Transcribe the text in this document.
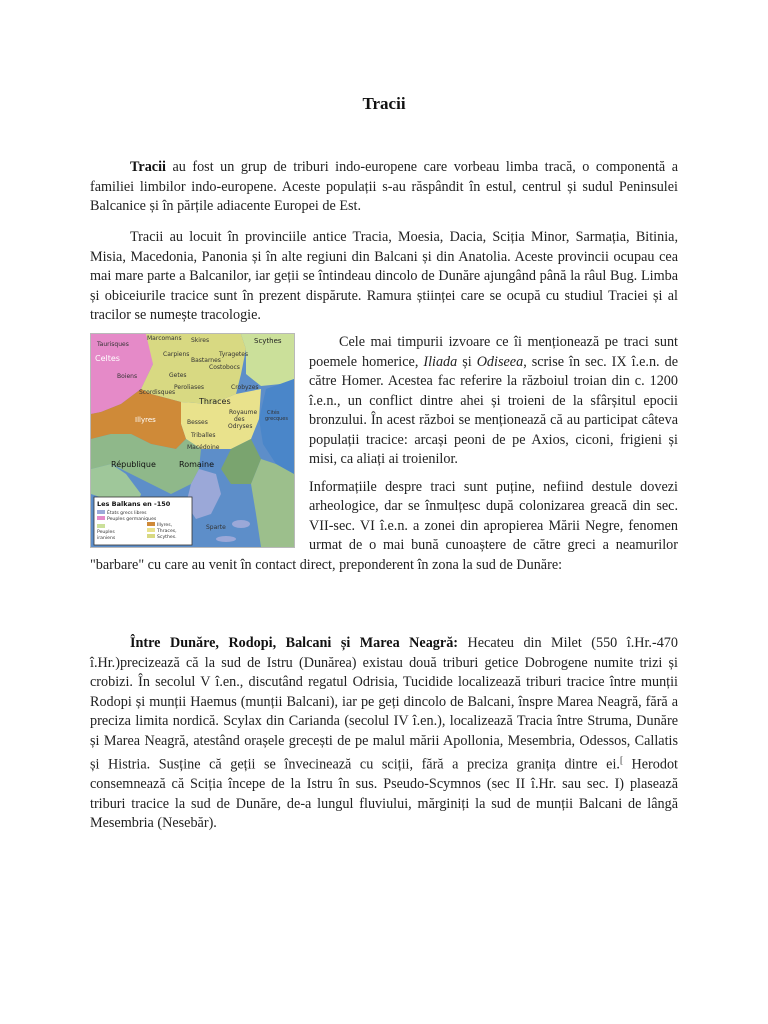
Tracii

Tracii au fost un grup de triburi indo-europene care vorbeau limba tracă, o componentă a familiei limbilor indo-europene. Aceste populații s-au răspândit în estul, centrul și sudul Peninsulei Balcanice și în părțile adiacente Europei de Est.

Tracii au locuit în provinciile antice Tracia, Moesia, Dacia, Sciția Minor, Sarmația, Bitinia, Misia, Macedonia, Panonia și în alte regiuni din Balcani și din Anatolia. Aceste provincii ocupau cea mai mare parte a Balcanilor, iar geții se întindeau dincolo de Dunăre ajungând până la râul Bug. Limba și obiceiurile tracice sunt în prezent dispărute. Ramura științei care se ocupă cu studiul Traciei și al tracilor se numește tracologie.

Taurisques
Marcomans Skires	Scythes
Celtes	Carpiens
Bastarnes
Tyragetes
Costobocs
Getes
Boiens
Scordisques
Peroliases	Crobyzes
Thraces
Illyres	Besses
Royaume
des
Odryses
Cités
grecques
Triballes
Macédoine
République	Romaine
Sparte
Les Balkans en -150
États grecs libres
Peuples germaniques
Peuples
iraniens
Illyres,
Thraces,
Scythes.

Cele mai timpurii izvoare ce îi menționează pe traci sunt poemele homerice, Iliada și Odiseea, scrise în sec. IX î.e.n. de către Homer. Acestea fac referire la războiul troian din c. 1200 î.e.n., un conflict dintre ahei și troieni de la sfârșitul epocii bronzului. În acest război se menționează că au participat câteva populații tracice: arcași peoni de pe Axios, ciconi, frigieni și misi, ca aliați ai troienilor.

Informațiile despre traci sunt puține, nefiind destule dovezi arheologice, dar se înmulțesc după colonizarea greacă din sec. VII-sec. VI î.e.n. a zonei din apropierea Mării Negre, fenomen urmat de o mai bună cunoaștere de către greci a neamurilor "barbare" cu care au venit în contact direct, preponderent în zona la sud de Dunăre:

Între Dunăre, Rodopi, Balcani și Marea Neagră: Hecateu din Milet (550 î.Hr.-470 î.Hr.)precizează că la sud de Istru (Dunărea) existau două triburi getice Dobrogene numite trizi și crobizi. În secolul V î.en., discutând regatul Odrisia, Tucidide localizează triburi tracice între munții Rodopi și munții Haemus (munții Balcani), iar pe geți dincolo de Balcani, înspre Marea Neagră, fără a preciza limita nordică. Scylax din Carianda (secolul IV î.en.), localizează Tracia între Struma, Dunăre și Marea Neagră, atestând orașele grecești de pe malul mării Apollonia, Mesembria, Odessos, Callatis și Histria. Susține că geții se învecinează cu sciții, fără a preciza granița dintre ei.[ Herodot consemnează că Sciția începe de la Istru în sus. Pseudo-Scymnos (sec II î.Hr. sau sec. I) plasează triburi tracice la sud de Dunăre, de-a lungul fluviului, mărginiți la sud de munții Balcani de lângă Mesembria (Nesebăr).
